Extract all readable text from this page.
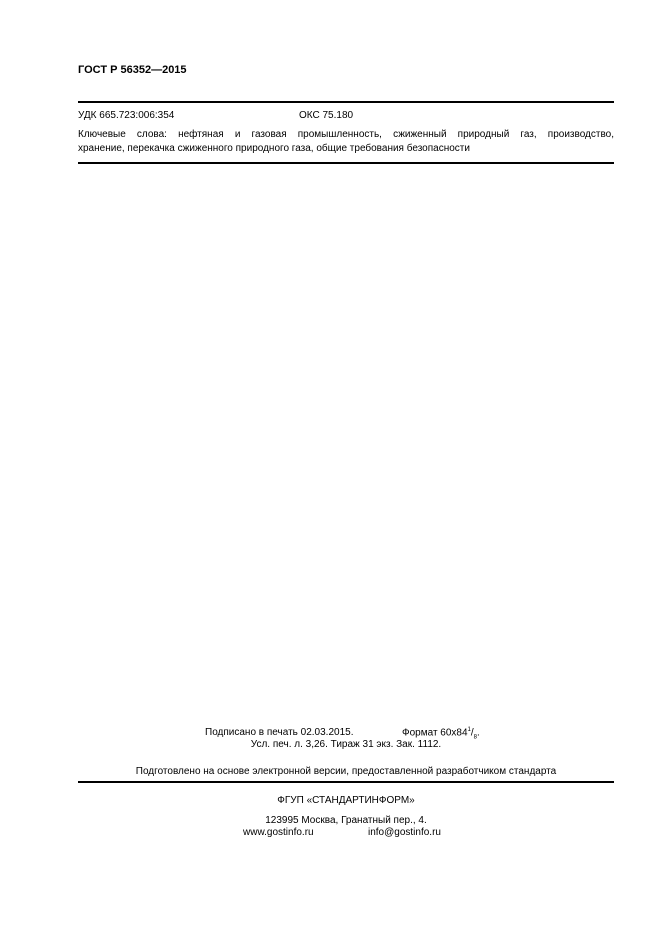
ГОСТ Р 56352—2015
УДК 665.723:006:354	ОКС 75.180
Ключевые слова: нефтяная и газовая промышленность, сжиженный природный газ, производство,
хранение, перекачка сжиженного природного газа, общие требования безопасности
Подписано в печать 02.03.2015.	Формат $60x84^1/_8$.
Усл. печ. л. 3,26. Тираж 31 экз. Зак. 1112.
Подготовлено на основе электронной версии, предоставленной разработчиком стандарта
ФГУП «СТАНДАРТИНФОРМ»
123995 Москва, Гранатный пер., 4.
www.gostinfo.ru	info@gostinfo.ru
